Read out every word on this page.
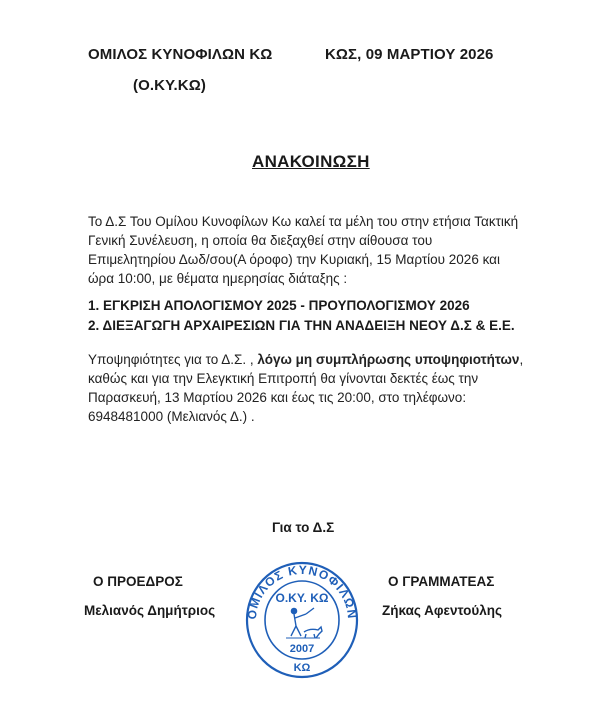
ΟΜΙΛΟΣ ΚΥΝΟΦΙΛΩΝ ΚΩ
(Ο.ΚΥ.ΚΩ)
ΚΩΣ, 09 ΜΑΡΤΙΟΥ 2026
ΑΝΑΚΟΙΝΩΣΗ

Το Δ.Σ Του Ομίλου Κυνοφίλων Κω καλεί τα μέλη του στην ετήσια Τακτική

Γενική Συνέλευση, η οποία θα διεξαχθεί στην αίθουσα του

Επιμελητηρίου Δωδ/σου(Α όροφο) την Κυριακή, 15 Μαρτίου 2026 και

ώρα 10:00, με θέματα ημερησίας διάταξης :

1. ΕΓΚΡΙΣΗ ΑΠΟΛΟΓΙΣΜΟΥ 2025 - ΠΡΟΥΠΟΛΟΓΙΣΜΟΥ 2026
2. ΔΙΕΞΑΓΩΓΗ ΑΡΧΑΙΡΕΣΙΩΝ ΓΙΑ ΤΗΝ ΑΝΑΔΕΙΞΗ ΝΕΟΥ Δ.Σ & Ε.Ε.

Υποψηφιότητες για το Δ.Σ. , λόγω μη συμπλήρωσης υποψηφιοτήτων,

καθώς και για την Ελεγκτική Επιτροπή θα γίνονται δεκτές έως την

Παρασκευή, 13 Μαρτίου 2026 και έως τις 20:00, στο τηλέφωνο:

6948481000 (Μελιανός Δ.) .

Για το Δ.Σ
Ο ΠΡΟΕΔΡΟΣ
Μελιανός Δημήτριος
Ο ΓΡΑΜΜΑΤΕΑΣ
Ζήκας Αφεντούλης
ΟΜΙΛΟΣ ΚΥΝΟΦΙΛΩΝ
Ο.ΚΥ. ΚΩ
2007
ΚΩ
